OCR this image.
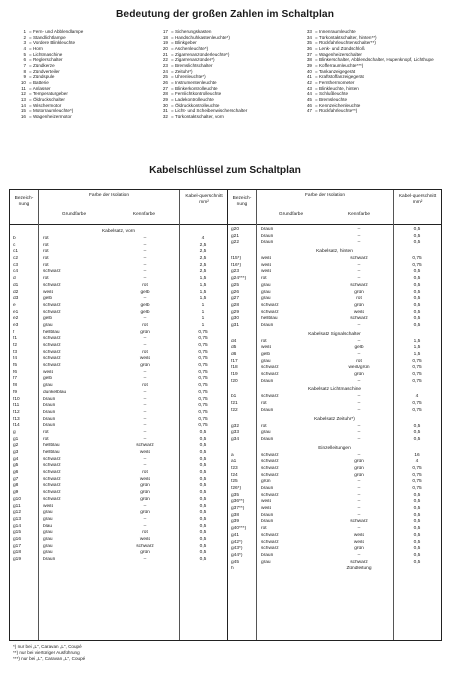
Bedeutung der großen Zahlen im Schaltplan
1 = Fern- und Abblendlampe
2 = Standlichtlampe
3 = Vordere Blinkleuchte
4 = Horn
5 = Lichtmaschine
6 = Reglerschalter
7 = Zündkerze
8 = Zündverteiler
9 = Zündspule
10 = Batterie
11 = Anlasser
12 = Temperaturgeber
13 = Öldruckschalter
14 = Wischermotor
15 = Motorraumleuchte*)
16 = Wagenheizermotor
17 = Sicherungskasten
18 = Handschuhkastenleuchte*)
19 = Blinkgeber
20 = Aschenleuchte*)
21 = Zigarrenanzünderleuchte*)
22 = Zigarrenanzünder*)
23 = Bremslichtschalter
24 = Zeituhr*)
25 = Uhrenleuchte*)
26 = Instrumentenleuchte
27 = Blinkerkontrolleuchte
28 = Fernlichtkontrolleuchte
29 = Ladekontrolleuchte
30 = Öldruckkontrolleuchte
31 = Licht- und Scheibenwischerschalter
32 = Türkontaktschalter, vorn
33 = Innenraumleuchte
34 = Türkontaktschalter, hinten**)
35 = Rückfahrleuchtenschalter**)
36 = Lenk- und Zündschloß
37 = Wagenheizerschalter
38 = Blinkerschalter, Abblendschalter, Hupenknopf, Lichthupe
39 = Kofferraumleuchte***)
40 = Tankanzeigegerät
41 = Kraftstoffanzeigegerät
42 = Fernthermometer
43 = Blinkleuchte, hinten
44 = Schlußleuchte
45 = Bremsleuchte
46 = Kennzeichenleuchte
47 = Rückfahrleuchte**)
Kabelschlüssel zum Schaltplan
Bezeich-nung
Farbe der Isolation
Grundfarbe	Kennfarbe
Kabel-querschnitt mm²
Kabelsatz, vorn
b	rot	–	4
c	rot	–	2,5
c1	rot	–	2,5
c2	rot	–	2,5
c3	rot	–	2,5
c4	schwarz	–	2,5
d	rot	–	1,5
d1	schwarz	rot	1,5
d2	weiß	gelb	1,5
d3	gelb	–	1,5
e	schwarz	gelb	1
e1	schwarz	gelb	1
e2	gelb	–	1
e3	grau	rot	1
f	hellblau	grün	0,75
f1	schwarz	–	0,75
f2	schwarz	–	0,75
f3	schwarz	rot	0,75
f4	schwarz	weiß	0,75
f5	schwarz	grün	0,75
f6	weiß	–	0,75
f7	gelb	–	0,75
f8	grau	rot	0,75
f9	dunkelblau	–	0,75
f10	braun	–	0,75
f11	braun	–	0,75
f12	braun	–	0,75
f13	braun	–	0,75
f14	braun	–	0,75
g	rot	–	0,5
g1	rot	–	0,5
g2	hellblau	schwarz	0,5
g3	hellblau	weiß	0,5
g4	schwarz	–	0,5
g5	schwarz	–	0,5
g6	schwarz	rot	0,5
g7	schwarz	weiß	0,5
g8	schwarz	grün	0,5
g9	schwarz	grün	0,5
g10	schwarz	grün	0,5
g11	weiß	–	0,5
g12	grau	grün	0,5
g13	grau	–	0,5
g14	blau	–	0,5
g15	grau	rot	0,5
g16	grau	weiß	0,5
g17	grau	schwarz	0,5
g18	grau	grün	0,5
g19	braun	–	0,5
Bezeich-nung
Farbe der Isolation
Grundfarbe	Kennfarbe
Kabel-querschnitt mm²
g20	braun	–	0,5
g21	braun	–	0,5
g22	braun	–	0,5
Kabelsatz, hinten
f15*)	weiß	schwarz	0,75
f16*)	weiß	–	0,75
g23	weiß	–	0,5
g24***)	rot	–	0,5
g25	grau	schwarz	0,5
g26	grau	grün	0,5
g27	grau	rot	0,5
g28	schwarz	grün	0,5
g29	schwarz	weiß	0,5
g30	hellblau	schwarz	0,5
g31	braun	–	0,5
Kabelsatz Signalschalter
d4	rot	–	1,5
d5	weiß	gelb	1,5
d6	gelb	–	1,5
f17	grau	rot	0,75
f18	schwarz	weiß/grün	0,75
f19	schwarz	grün	0,75
f20	braun	–	0,75
Kabelsatz Lichtmaschine
b1	schwarz	–	4
f21	rot	–	0,75
f22	braun	–	0,75
Kabelsatz Zeituhr*)
g32	rot	–	0,5
g33	grau	–	0,5
g34	braun	–	0,5
Einzelleitungen
a	schwarz	–	16
a1	schwarz	grün	4
f23	schwarz	grün	0,75
f24	schwarz	grün	0,75
f25	grün	–	0,75
f26*)	braun	–	0,75
g35	schwarz	–	0,5
g36**)	weiß	–	0,5
g37**)	weiß	–	0,5
g38	braun	–	0,5
g39	braun	schwarz	0,5
g40***)	rot	–	0,5
g41	schwarz	weiß	0,5
g42*)	schwarz	weiß	0,5
g43*)	schwarz	grün	0,5
g44*)	braun	–	0,5
g45	grau	schwarz	0,5
h	Zündleitung
*) nur bei „L", Caravan „L", Coupé
**) nur bei viertüriger Ausführung
***) nur bei „L", Caravan „L", Coupé
